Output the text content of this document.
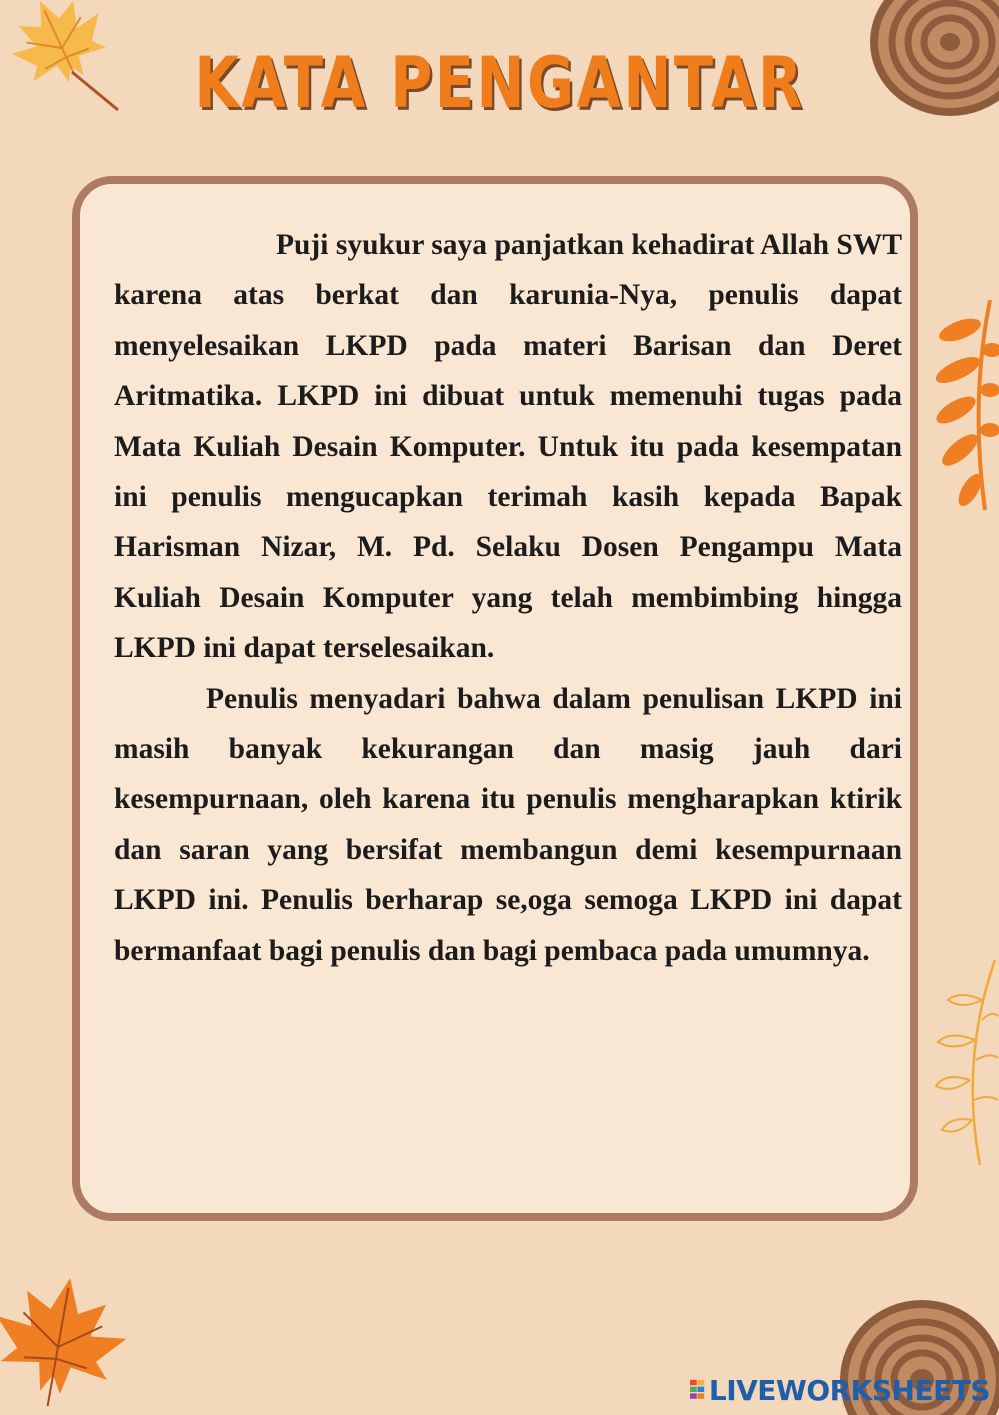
KATA PENGANTAR

Puji syukur saya panjatkan kehadirat Allah SWT karena atas berkat dan karunia-Nya, penulis dapat menyelesaikan LKPD pada materi Barisan dan Deret Aritmatika. LKPD ini dibuat untuk memenuhi tugas pada Mata Kuliah Desain Komputer. Untuk itu pada kesempatan ini penulis mengucapkan terimah kasih kepada Bapak Harisman Nizar, M. Pd. Selaku Dosen Pengampu Mata Kuliah Desain Komputer yang telah membimbing hingga LKPD ini dapat terselesaikan.

Penulis menyadari bahwa dalam penulisan LKPD ini masih banyak kekurangan dan masig jauh dari kesempurnaan, oleh karena itu penulis mengharapkan ktirik dan saran yang bersifat membangun demi kesempurnaan LKPD ini. Penulis berharap se,oga semoga LKPD ini dapat bermanfaat bagi penulis dan bagi pembaca pada umumnya.

LIVEWORKSHEETS
